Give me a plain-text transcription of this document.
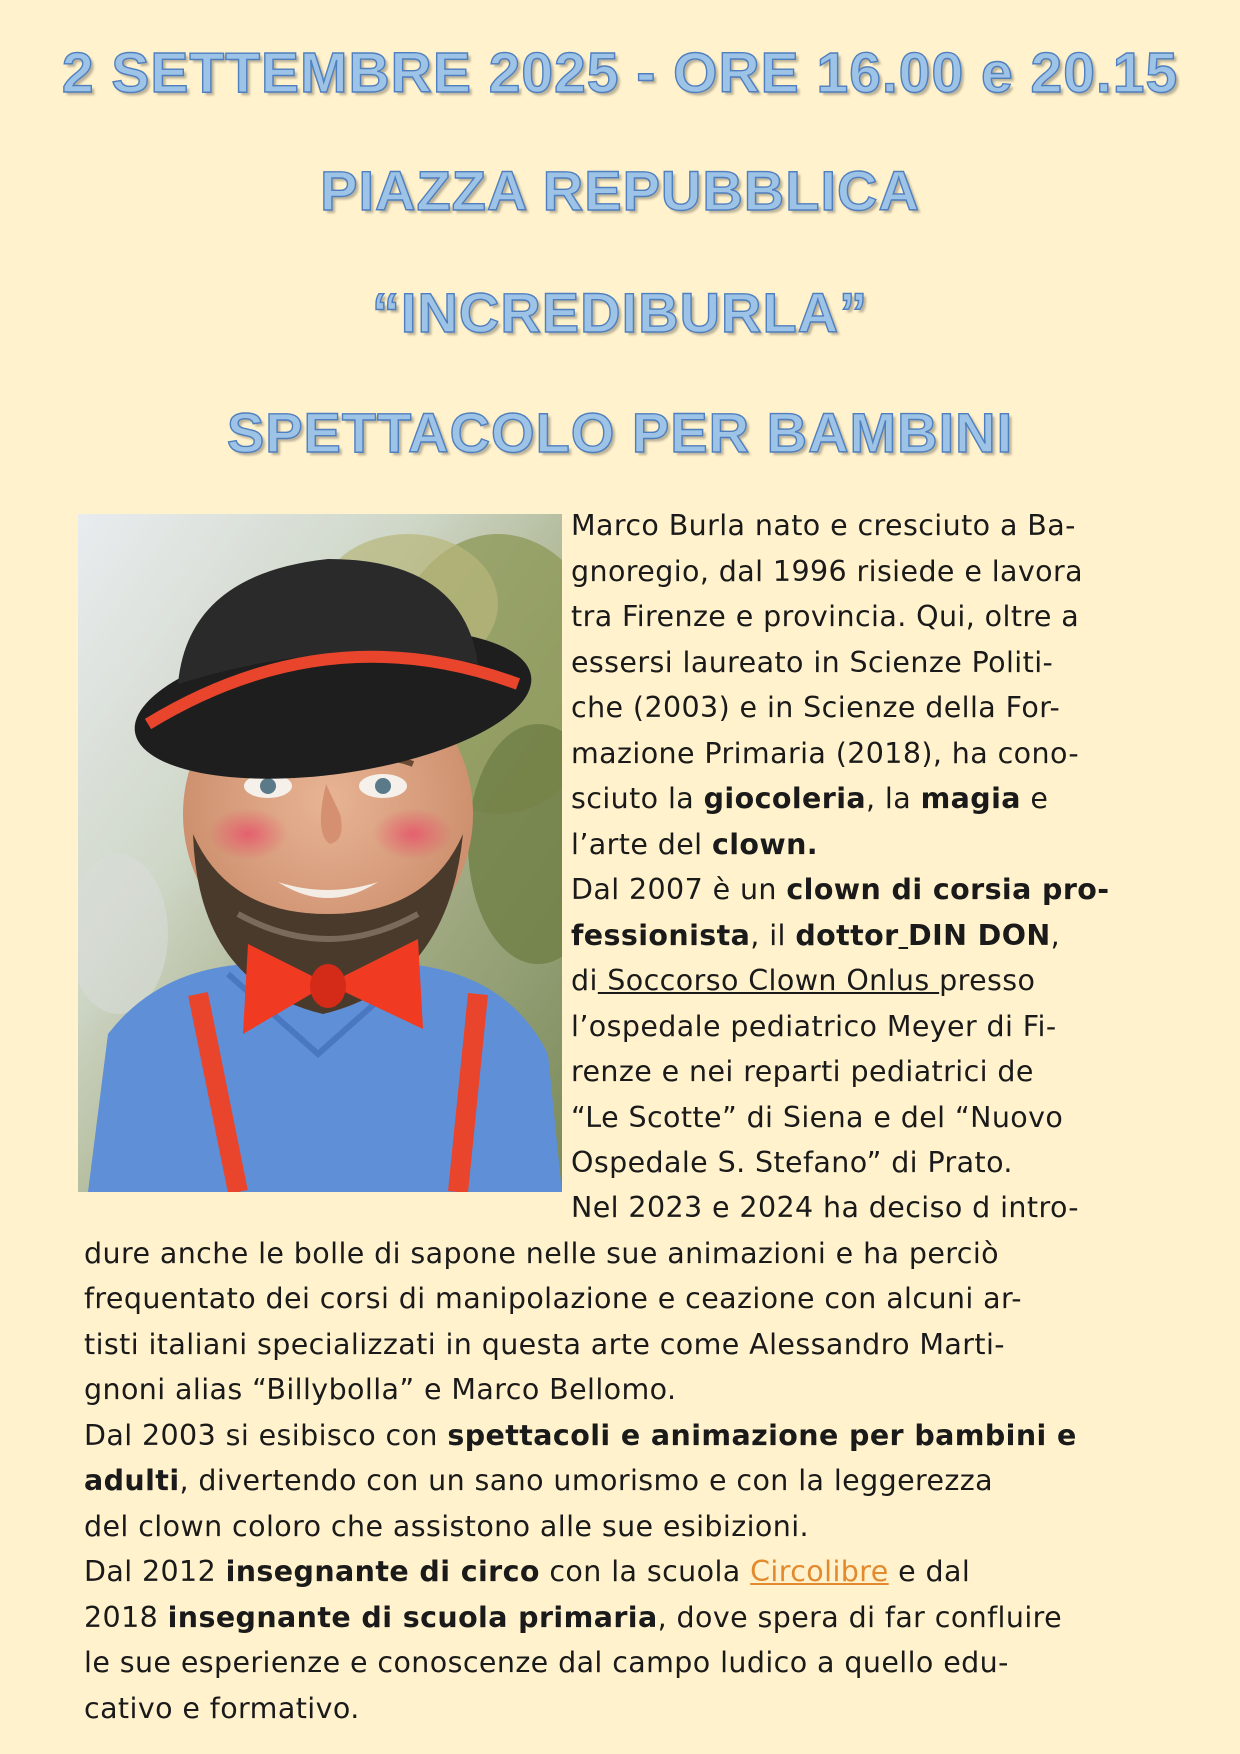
2 SETTEMBRE 2025 - ORE 16.00 e 20.15
PIAZZA REPUBBLICA
“INCREDIBURLA”
SPETTACOLO PER BAMBINI
Marco Burla nato e cresciuto a Ba-
gnoregio, dal 1996 risiede e lavora
tra Firenze e provincia. Qui, oltre a
essersi laureato in Scienze Politi-
che (2003) e in Scienze della For-
mazione Primaria (2018), ha cono-
sciuto la giocoleria, la magia e
l’arte del clown.
Dal 2007 è un clown di corsia pro-
fessionista, il dottor DIN DON,
di Soccorso Clown Onlus presso
l’ospedale pediatrico Meyer di Fi-
renze e nei reparti pediatrici de
“Le Scotte” di Siena e del “Nuovo
Ospedale S. Stefano” di Prato.
Nel 2023 e 2024 ha deciso d intro-
dure anche le bolle di sapone nelle sue animazioni e ha perciò
frequentato dei corsi di manipolazione e ceazione con alcuni ar-
tisti italiani specializzati in questa arte come Alessandro Marti-
gnoni alias “Billybolla” e Marco Bellomo.
Dal 2003 si esibisco con spettacoli e animazione per bambini e
adulti, divertendo con un sano umorismo e con la leggerezza
del clown coloro che assistono alle sue esibizioni.
Dal 2012 insegnante di circo con la scuola Circolibre e dal
2018 insegnante di scuola primaria, dove spera di far confluire
le sue esperienze e conoscenze dal campo ludico a quello edu-
cativo e formativo.
